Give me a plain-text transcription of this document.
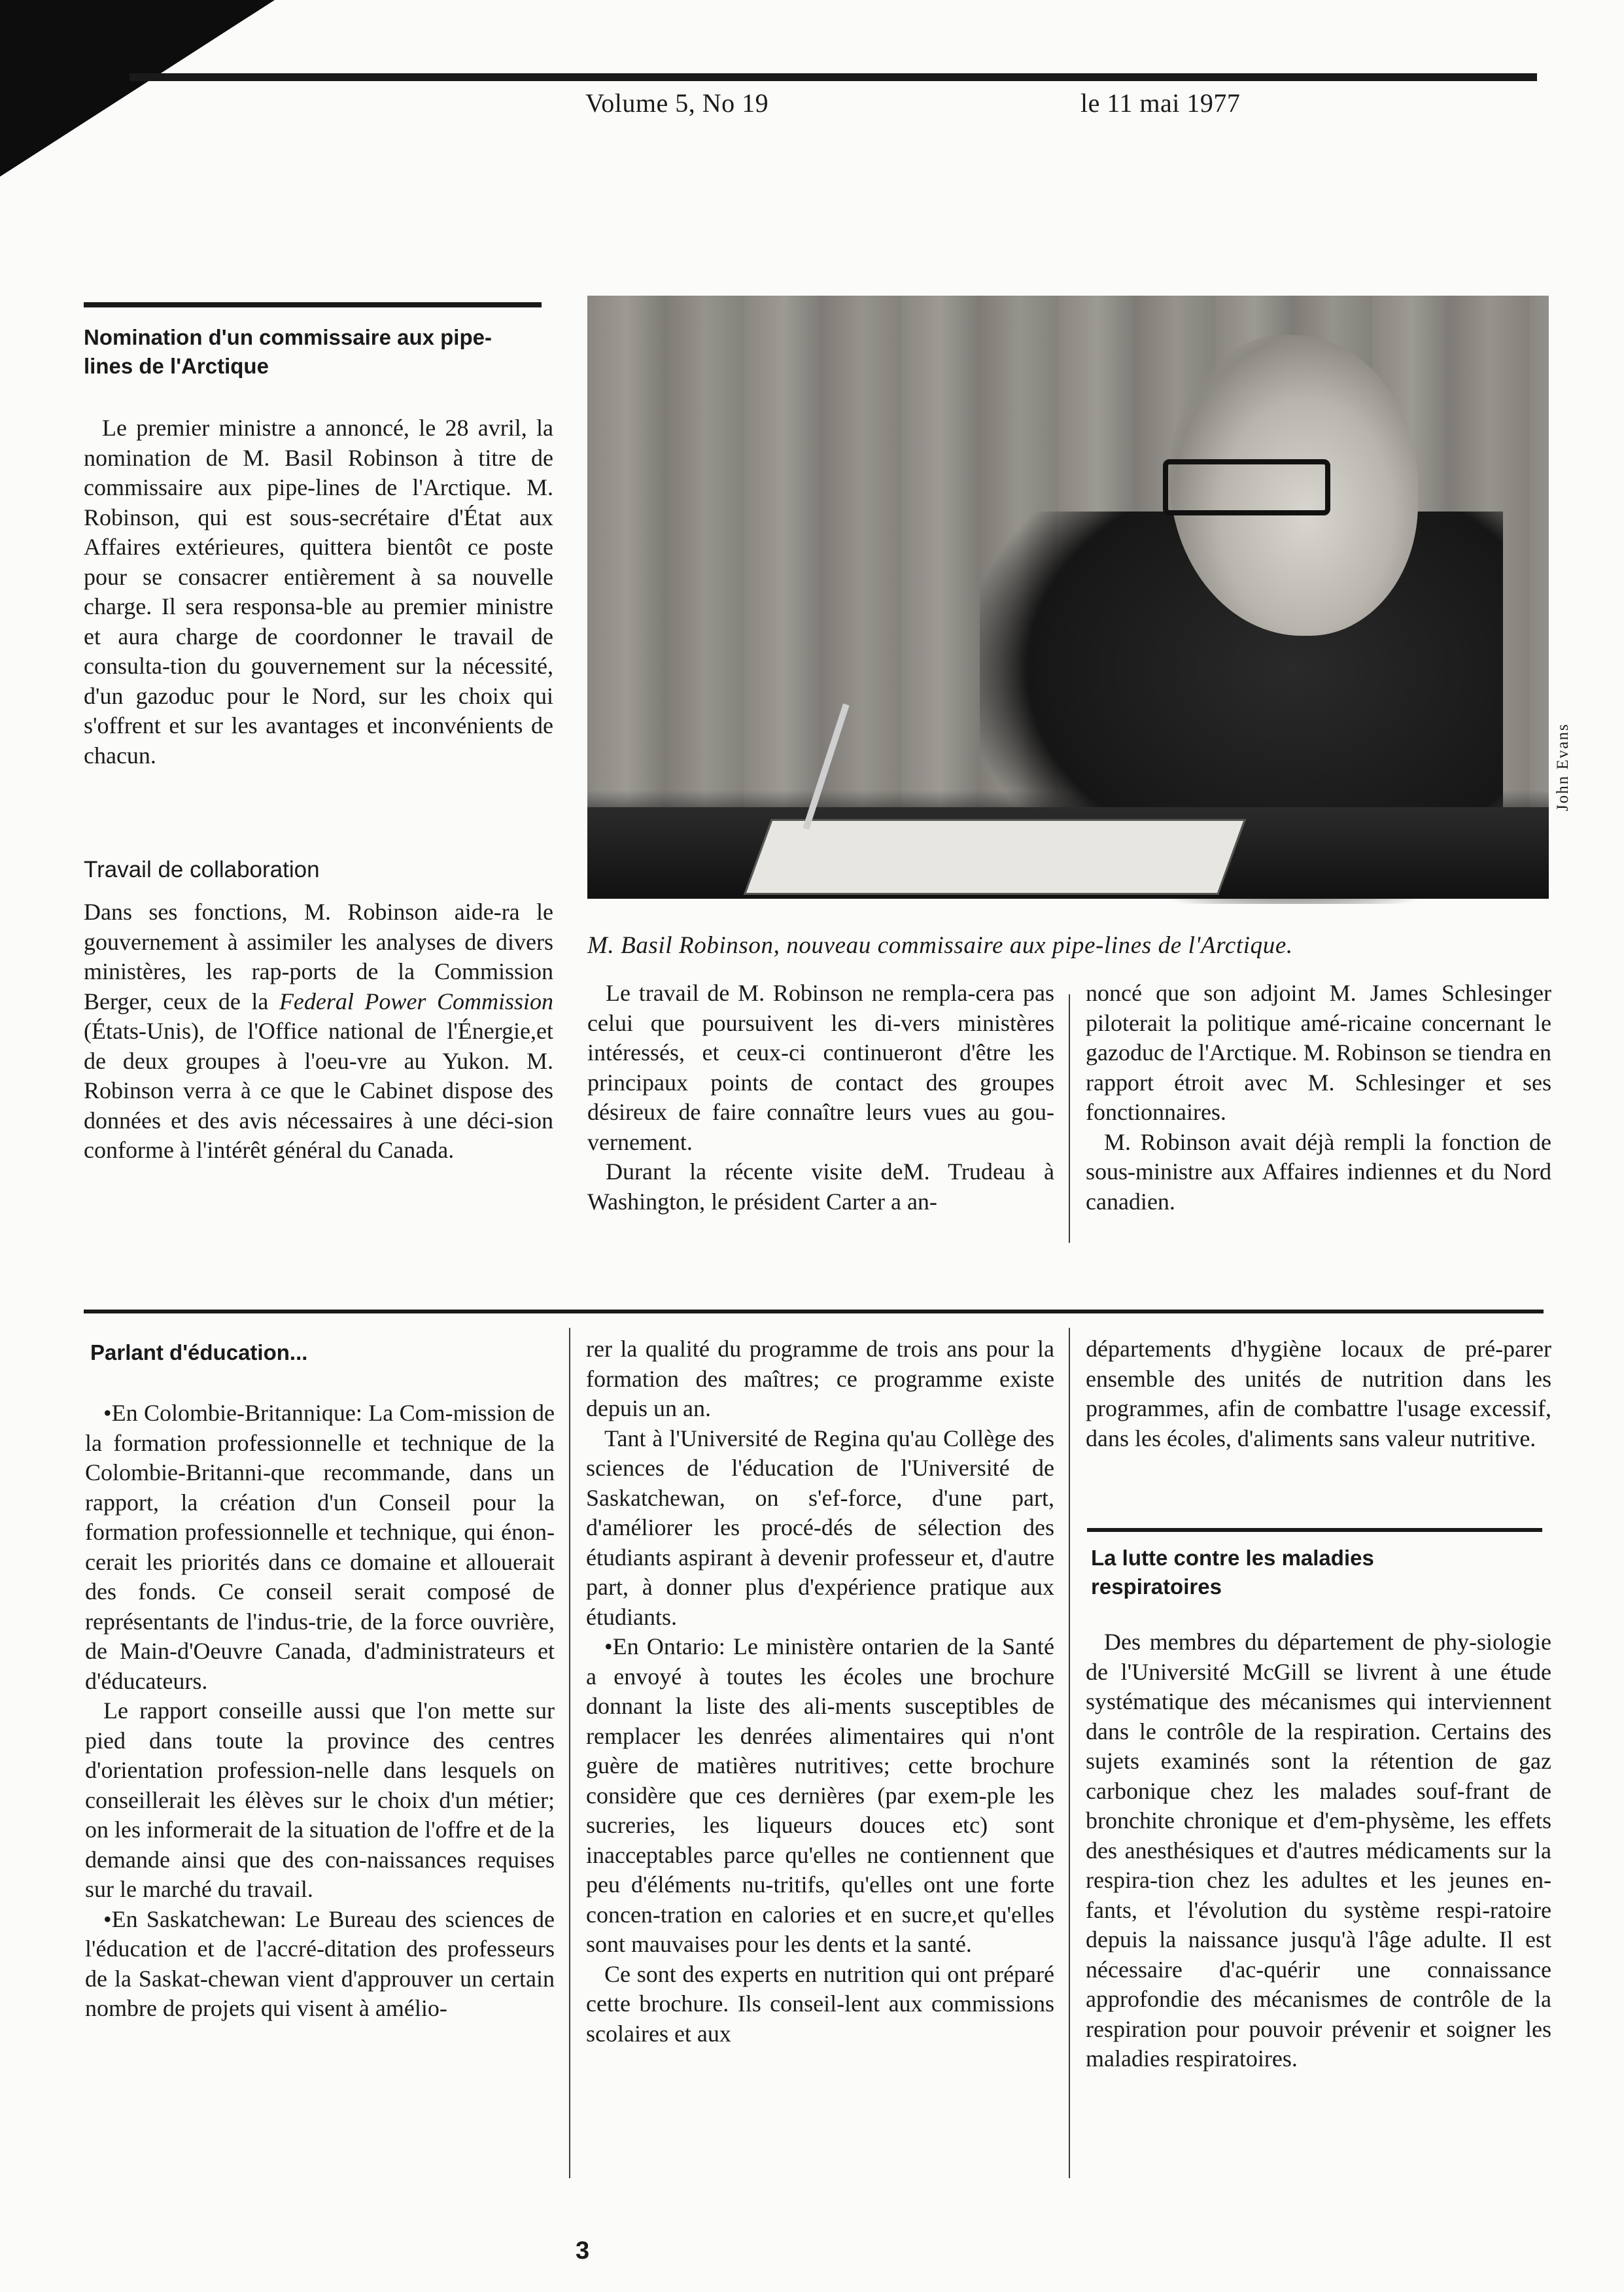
Volume 5, No 19	le 11 mai 1977
Nomination d'un commissaire aux pipe-
lines de l'Arctique

Le premier ministre a annoncé, le 28 avril, la nomination de M. Basil Robinson à titre de commissaire aux pipe-lines de l'Arctique. M. Robinson, qui est sous-secrétaire d'État aux Affaires extérieures, quittera bientôt ce poste pour se consacrer entièrement à sa nouvelle charge. Il sera responsa-ble au premier ministre et aura charge de coordonner le travail de consulta-tion du gouvernement sur la nécessité, d'un gazoduc pour le Nord, sur les choix qui s'offrent et sur les avantages et inconvénients de chacun.

Travail de collaboration

Dans ses fonctions, M. Robinson aide-ra le gouvernement à assimiler les analyses de divers ministères, les rap-ports de la Commission Berger, ceux de la Federal Power Commission (États-Unis), de l'Office national de l'Énergie,et de deux groupes à l'oeu-vre au Yukon. M. Robinson verra à ce que le Cabinet dispose des données et des avis nécessaires à une déci-sion conforme à l'intérêt général du Canada.

John Evans
M. Basil Robinson, nouveau commissaire aux pipe-lines de l'Arctique.

Le travail de M. Robinson ne rempla-cera pas celui que poursuivent les di-vers ministères intéressés, et ceux-ci continueront d'être les principaux points de contact des groupes désireux de faire connaître leurs vues au gou-vernement.

Durant la récente visite deM. Trudeau à Washington, le président Carter a an-

noncé que son adjoint M. James Schlesinger piloterait la politique amé-ricaine concernant le gazoduc de l'Arctique. M. Robinson se tiendra en rapport étroit avec M. Schlesinger et ses fonctionnaires.

M. Robinson avait déjà rempli la fonction de sous-ministre aux Affaires indiennes et du Nord canadien.

Parlant d'éducation...

• En Colombie-Britannique: La Com-mission de la formation professionnelle et technique de la Colombie-Britanni-que recommande, dans un rapport, la création d'un Conseil pour la formation professionnelle et technique, qui énon-cerait les priorités dans ce domaine et allouerait des fonds. Ce conseil serait composé de représentants de l'indus-trie, de la force ouvrière, de Main-d'Oeuvre Canada, d'administrateurs et d'éducateurs.

Le rapport conseille aussi que l'on mette sur pied dans toute la province des centres d'orientation profession-nelle dans lesquels on conseillerait les élèves sur le choix d'un métier; on les informerait de la situation de l'offre et de la demande ainsi que des con-naissances requises sur le marché du travail.

• En Saskatchewan: Le Bureau des sciences de l'éducation et de l'accré-ditation des professeurs de la Saskat-chewan vient d'approuver un certain nombre de projets qui visent à amélio-

rer la qualité du programme de trois ans pour la formation des maîtres; ce programme existe depuis un an.

Tant à l'Université de Regina qu'au Collège des sciences de l'éducation de l'Université de Saskatchewan, on s'ef-force, d'une part, d'améliorer les procé-dés de sélection des étudiants aspirant à devenir professeur et, d'autre part, à donner plus d'expérience pratique aux étudiants.

• En Ontario: Le ministère ontarien de la Santé a envoyé à toutes les écoles une brochure donnant la liste des ali-ments susceptibles de remplacer les denrées alimentaires qui n'ont guère de matières nutritives; cette brochure considère que ces dernières (par exem-ple les sucreries, les liqueurs douces etc) sont inacceptables parce qu'elles ne contiennent que peu d'éléments nu-tritifs, qu'elles ont une forte concen-tration en calories et en sucre,et qu'elles sont mauvaises pour les dents et la santé.

Ce sont des experts en nutrition qui ont préparé cette brochure. Ils conseil-lent aux commissions scolaires et aux

départements d'hygiène locaux de pré-parer ensemble des unités de nutrition dans les programmes, afin de combattre l'usage excessif, dans les écoles, d'aliments sans valeur nutritive.

La lutte contre les maladies
respiratoires

Des membres du département de phy-siologie de l'Université McGill se livrent à une étude systématique des mécanismes qui interviennent dans le contrôle de la respiration. Certains des sujets examinés sont la rétention de gaz carbonique chez les malades souf-frant de bronchite chronique et d'em-physème, les effets des anesthésiques et d'autres médicaments sur la respira-tion chez les adultes et les jeunes en-fants, et l'évolution du système respi-ratoire depuis la naissance jusqu'à l'âge adulte. Il est nécessaire d'ac-quérir une connaissance approfondie des mécanismes de contrôle de la respiration pour pouvoir prévenir et soigner les maladies respiratoires.

3
